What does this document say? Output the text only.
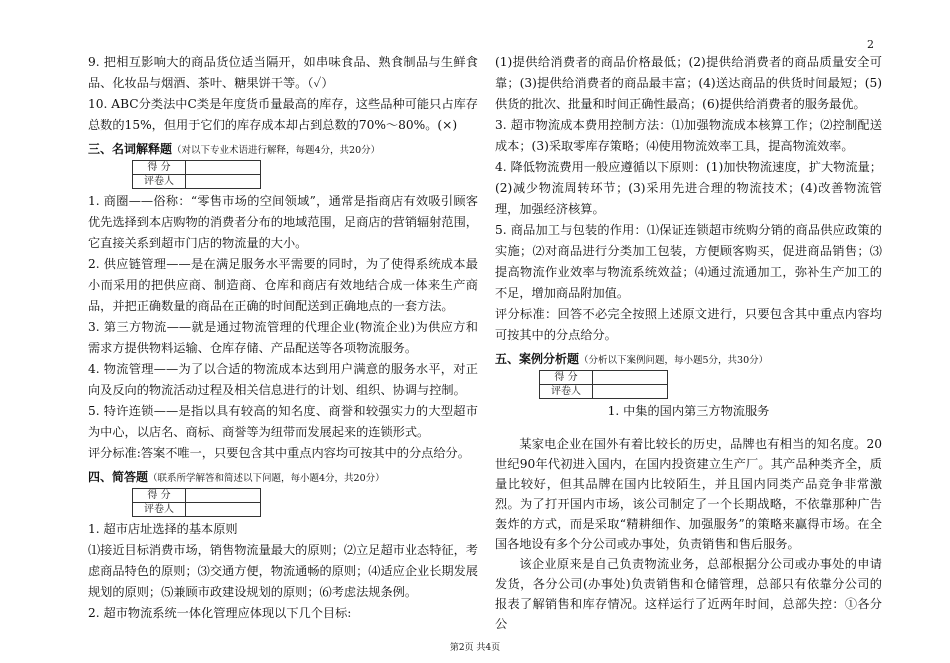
2

9. 把相互影响大的商品货位适当隔开，如串味食品、熟食制品与生鲜食品、化妆品与烟酒、茶叶、糖果饼干等。（✓）

10. ABC分类法中C类是年度货币量最高的库存，这些品种可能只占库存总数的15%，但用于它们的库存成本却占到总数的70%～80%。(×)

三、名词解释题（对以下专业术语进行解释，每题4分，共20分）
得 分	
评卷人	

1. 商圈——俗称：“零售市场的空间领域”，通常是指商店有效吸引顾客优先选择到本店购物的消费者分布的地域范围，足商店的营销辐射范围，它直接关系到超市门店的物流量的大小。

2. 供应链管理——是在满足服务水平需要的同时，为了使得系统成本最小而采用的把供应商、制造商、仓库和商店有效地结合成一体来生产商品，并把正确数量的商品在正确的时间配送到正确地点的一套方法。

3. 第三方物流——就是通过物流管理的代理企业(物流企业)为供应方和需求方提供物料运输、仓库存储、产品配送等各项物流服务。

4. 物流管理——为了以合适的物流成本达到用户满意的服务水平，对正向及反向的物流活动过程及相关信息进行的计划、组织、协调与控制。

5. 特许连锁——是指以具有较高的知名度、商誉和较强实力的大型超市为中心，以店名、商标、商誉等为纽带而发展起来的连锁形式。

评分标准:答案不唯一，只要包含其中重点内容均可按其中的分点给分。

四、简答题（联系所学解答和简述以下问题，每小题4分，共20分）
得 分	
评卷人	

1. 超市店址选择的基本原则

⑴接近目标消费市场，销售物流量最大的原则；⑵立足超市业态特征，考虑商品特色的原则；⑶交通方便，物流通畅的原则；⑷适应企业长期发展规划的原则；⑸兼顾市政建设规划的原则；⑹考虑法规条例。

2. 超市物流系统一体化管理应体现以下几个目标:

(1)提供给消费者的商品价格最低；(2)提供给消费者的商品质量安全可靠；(3)提供给消费者的商品最丰富；(4)送达商品的供货时间最短；(5)供货的批次、批量和时间正确性最高；(6)提供给消费者的服务最优。

3. 超市物流成本费用控制方法：⑴加强物流成本核算工作；⑵控制配送成本；(3)采取零库存策略；⑷使用物流效率工具，提高物流效率。

4. 降低物流费用一般应遵循以下原则：(1)加快物流速度，扩大物流量；(2)减少物流周转环节；(3)采用先进合理的物流技术；(4)改善物流管理，加强经济核算。

5. 商品加工与包装的作用：⑴保证连锁超市统购分销的商品供应政策的实施；⑵对商品进行分类加工包装，方便顾客购买，促进商品销售；⑶提高物流作业效率与物流系统效益；⑷通过流通加工，弥补生产加工的不足，增加商品附加值。

评分标准：回答不必完全按照上述原文进行，只要包含其中重点内容均可按其中的分点给分。

五、案例分析题（分析以下案例问题，每小题5分，共30分）
得 分	
评卷人	

1. 中集的国内第三方物流服务

某家电企业在国外有着比较长的历史，品牌也有相当的知名度。20世纪90年代初进入国内，在国内投资建立生产厂。其产品种类齐全，质量比较好，但其品牌在国内比较陌生，并且国内同类产品竞争非常激烈。为了打开国内市场，该公司制定了一个长期战略，不依靠那种广告轰炸的方式，而是采取“精耕细作、加强服务”的策略来赢得市场。在全国各地设有多个分公司或办事处，负责销售和售后服务。

该企业原来是自己负责物流业务，总部根据分公司或办事处的申请发货，各分公司(办事处)负责销售和仓储管理，总部只有依靠分公司的报表了解销售和库存情况。这样运行了近两年时间，总部失控：①各分公

第2页 共4页
